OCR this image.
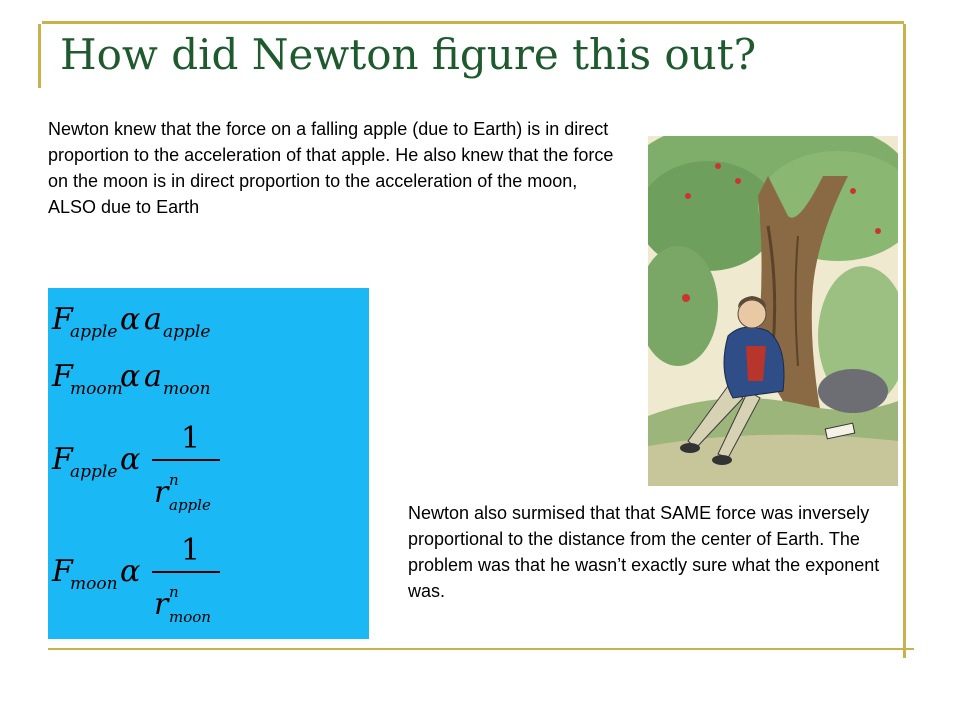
How did Newton figure this out?

Newton knew that the force on a falling apple (due to Earth) is in direct proportion to the acceleration of that apple. He also knew that the force on the moon is in direct proportion to the acceleration of the moon, ALSO due to Earth

F
apple α a apple
F
moom
α a moon
F
apple α
1
r n
apple
F
moon α
1
r n
moon

Newton also surmised that that SAME force was inversely proportional to the distance from the center of Earth. The problem was that he wasn’t exactly sure what the exponent was.
